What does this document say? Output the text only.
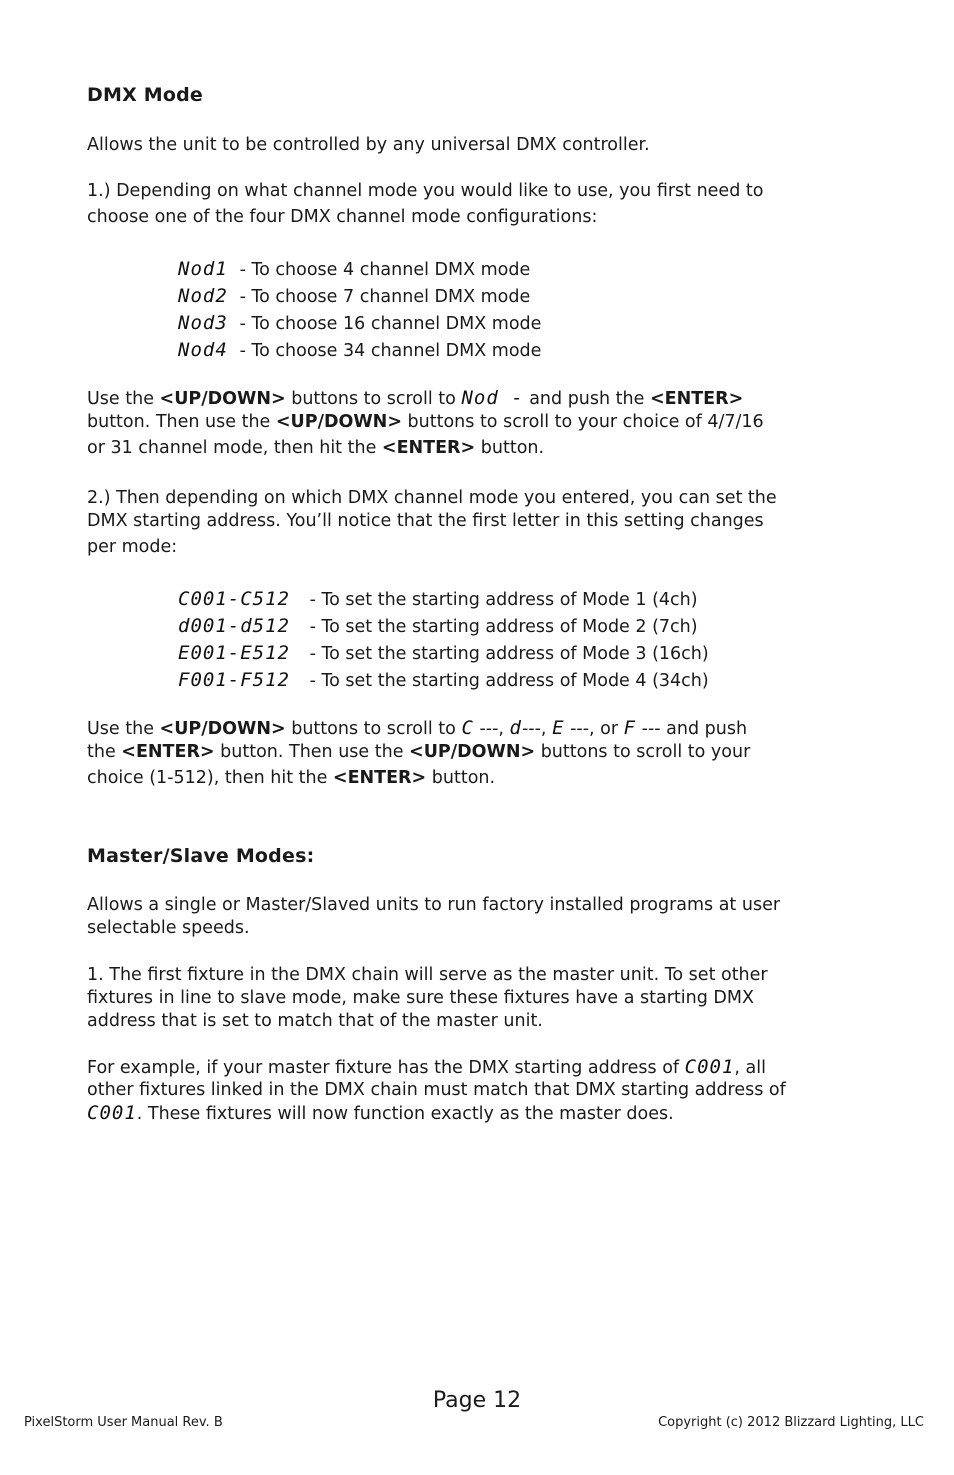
DMX Mode
Allows the unit to be controlled by any universal DMX controller.
1.) Depending on what channel mode you would like to use, you first need to
choose one of the four DMX channel mode configurations:
Nod1 - To choose 4 channel DMX mode
Nod2 - To choose 7 channel DMX mode
Nod3 - To choose 16 channel DMX mode
Nod4 - To choose 34 channel DMX mode
Use the <UP/DOWN> buttons to scroll to Nod - and push the <ENTER>
button. Then use the <UP/DOWN> buttons to scroll to your choice of 4/7/16
or 31 channel mode, then hit the <ENTER> button.
2.) Then depending on which DMX channel mode you entered, you can set the
DMX starting address. You’ll notice that the first letter in this setting changes
per mode:
C001-C512 - To set the starting address of Mode 1 (4ch)
d001-d512 - To set the starting address of Mode 2 (7ch)
E001-E512 - To set the starting address of Mode 3 (16ch)
F001-F512 - To set the starting address of Mode 4 (34ch)
Use the <UP/DOWN> buttons to scroll to C ---, d---, E ---, or F --- and push
the <ENTER> button. Then use the <UP/DOWN> buttons to scroll to your
choice (1-512), then hit the <ENTER> button.
Master/Slave Modes:
Allows a single or Master/Slaved units to run factory installed programs at user
selectable speeds.
1. The first fixture in the DMX chain will serve as the master unit. To set other
fixtures in line to slave mode, make sure these fixtures have a starting DMX
address that is set to match that of the master unit.
For example, if your master fixture has the DMX starting address of C001, all
other fixtures linked in the DMX chain must match that DMX starting address of
C001. These fixtures will now function exactly as the master does.
Page 12
PixelStorm User Manual Rev. B	Copyright (c) 2012 Blizzard Lighting, LLC
